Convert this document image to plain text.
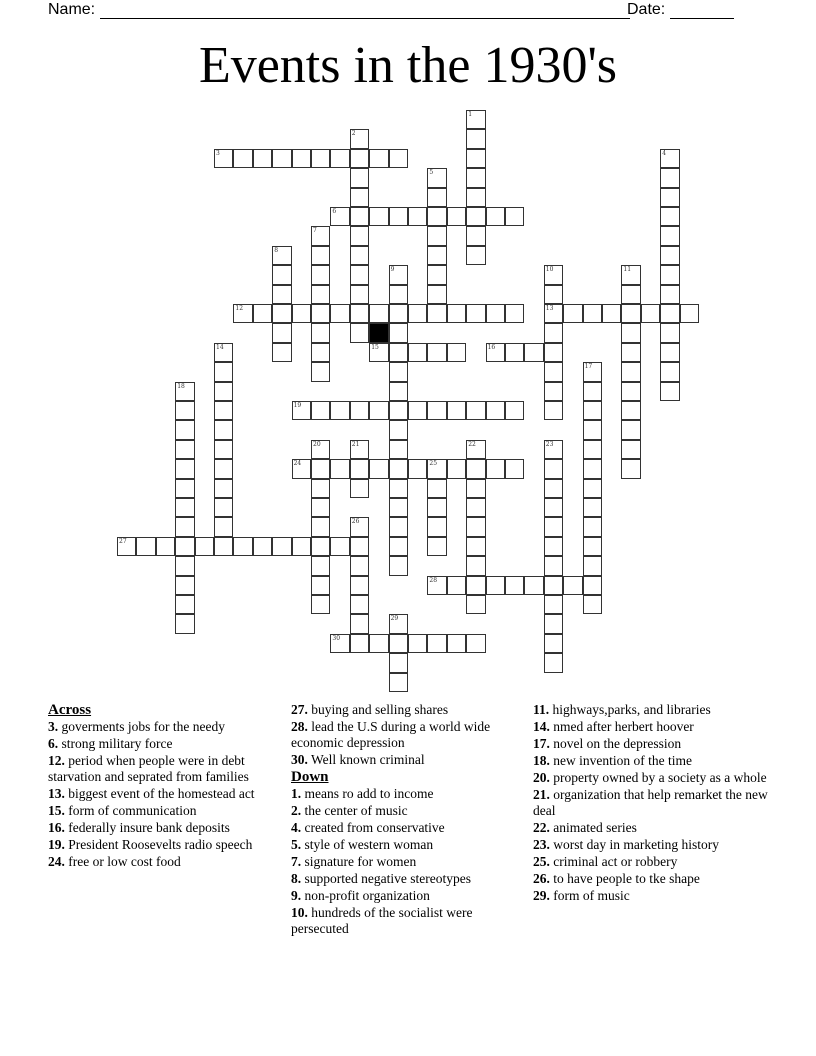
Name:	Date:
Events in the 1930's
1
2
3	4
5
6
7
8
9	10
13
11
12
14	15	16
17
18
19
20	21	22	23
24	25
26
27
28
29
30
Across
3. goverments jobs for the needy
6. strong military force
12. period when people were in debt starvation and seprated from families
13. biggest event of the homestead act
15. form of communication
16. federally insure bank deposits
19. President Roosevelts radio speech
24. free or low cost food
27. buying and selling shares
28. lead the U.S during a world wide economic depression
30. Well known criminal
Down
1. means ro add to income
2. the center of music
4. created from conservative
5. style of western woman
7. signature for women
8. supported negative stereotypes
9. non-profit organization
10. hundreds of the socialist were persecuted
11. highways,parks, and libraries
14. nmed after herbert hoover
17. novel on the depression
18. new invention of the time
20. property owned by a society as a whole
21. organization that help remarket the new deal
22. animated series
23. worst day in marketing history
25. criminal act or robbery
26. to have people to tke shape
29. form of music
